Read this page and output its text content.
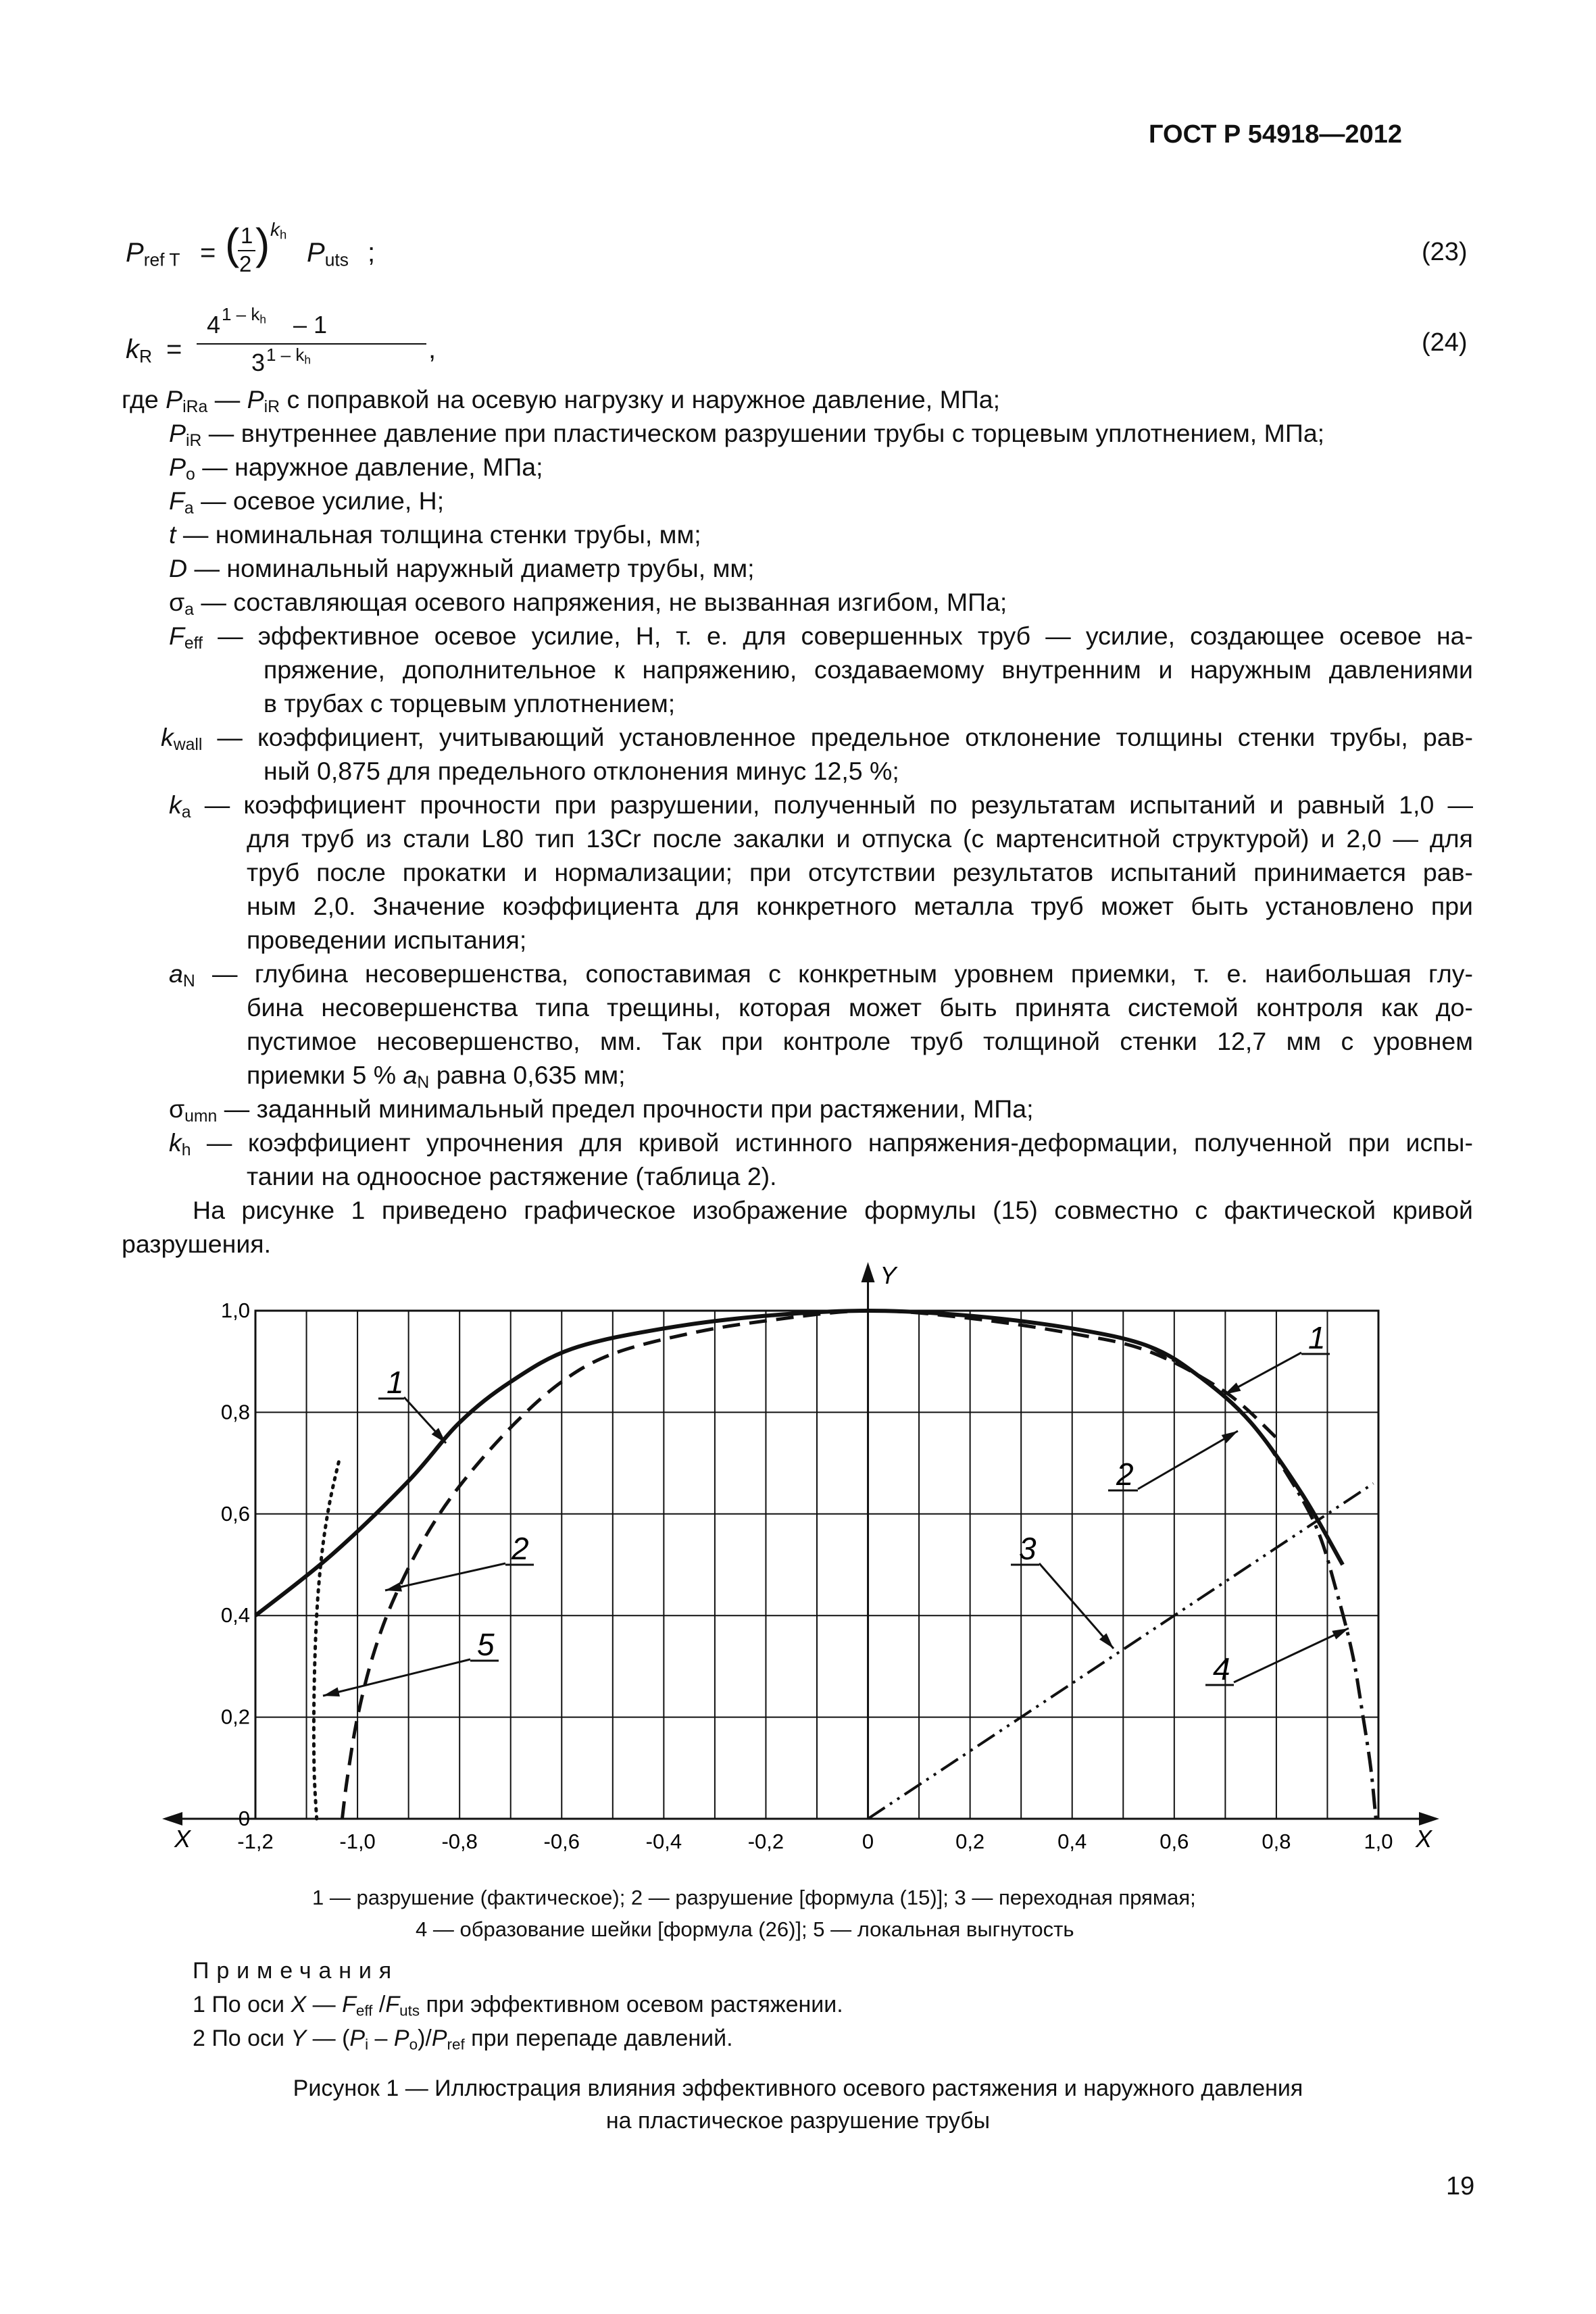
ГОСТ Р 54918—2012
$P_{ref T}$ = ( 1
2 ) $k_h$
$P_{uts}$ ;	(23)
$k_R$ =
4 $1 - k_h - 1$
3 $1 - k_h$	,	(24)
где $P_{iRa}$ — $P_{iR}$ с поправкой на осевую нагрузку и наружное давление, МПа;
$P_{iR}$ — внутреннее давление при пластическом разрушении трубы с торцевым уплотнением, МПа;
$P_o$ — наружное давление, МПа;
$F_a$ — осевое усилие, Н;
t — номинальная толщина стенки трубы, мм;
D — номинальный наружный диаметр трубы, мм;
$\sigma_a$ — составляющая осевого напряжения, не вызванная изгибом, МПа;
$F_{eff}$ — эффективное осевое усилие, Н, т. е. для совершенных труб — усилие, создающее осевое на-
пряжение, дополнительное к напряжению, создаваемому внутренним и наружным давлениями
в трубах с торцевым уплотнением;
$k_{wall}$ — коэффициент, учитывающий установленное предельное отклонение толщины стенки трубы, рав-
ный 0,875 для предельного отклонения минус 12,5 %;
$k_a$ — коэффициент прочности при разрушении, полученный по результатам испытаний и равный 1,0 —
для труб из стали L80 тип 13Cr после закалки и отпуска (с мартенситной структурой) и 2,0 — для
труб после прокатки и нормализации; при отсутствии результатов испытаний принимается рав-
ным 2,0. Значение коэффициента для конкретного металла труб может быть установлено при
проведении испытания;
$a_N$ — глубина несовершенства, сопоставимая с конкретным уровнем приемки, т. е. наибольшая глу-
бина несовершенства типа трещины, которая может быть принята системой контроля как до-
пустимое несовершенство, мм. Так при контроле труб толщиной стенки 12,7 мм с уровнем
приемки 5 % $a_N$ равна 0,635 мм;
$\sigma_{umn}$ — заданный минимальный предел прочности при растяжении, МПа;
$k_h$ — коэффициент упрочнения для кривой истинного напряжения-деформации, полученной при испы-
тании на одноосное растяжение (таблица 2).
На рисунке 1 приведено графическое изображение формулы (15) совместно с фактической кривой
разрушения.
X	X
Y
-1,2	-1,0	-0,8	-0,6	-0,4	-0,2	0	0,2	0,4	0,6	0,8	1,0
0
0,2
0,4
0,6
0,8
1,0
1
2	3
4
5
1
2
1 — разрушение (фактическое); 2 — разрушение [формула (15)]; 3 — переходная прямая;
4 — образование шейки [формула (26)]; 5 — локальная выгнутость
Примечания
1 По оси X — $F_{eff}$ $/F_{uts}$ при эффективном осевом растяжении.
2 По оси Y — $(P_i - P_o)/P_{ref}$ при перепаде давлений.
Рисунок 1 — Иллюстрация влияния эффективного осевого растяжения и наружного давления
на пластическое разрушение трубы
19
